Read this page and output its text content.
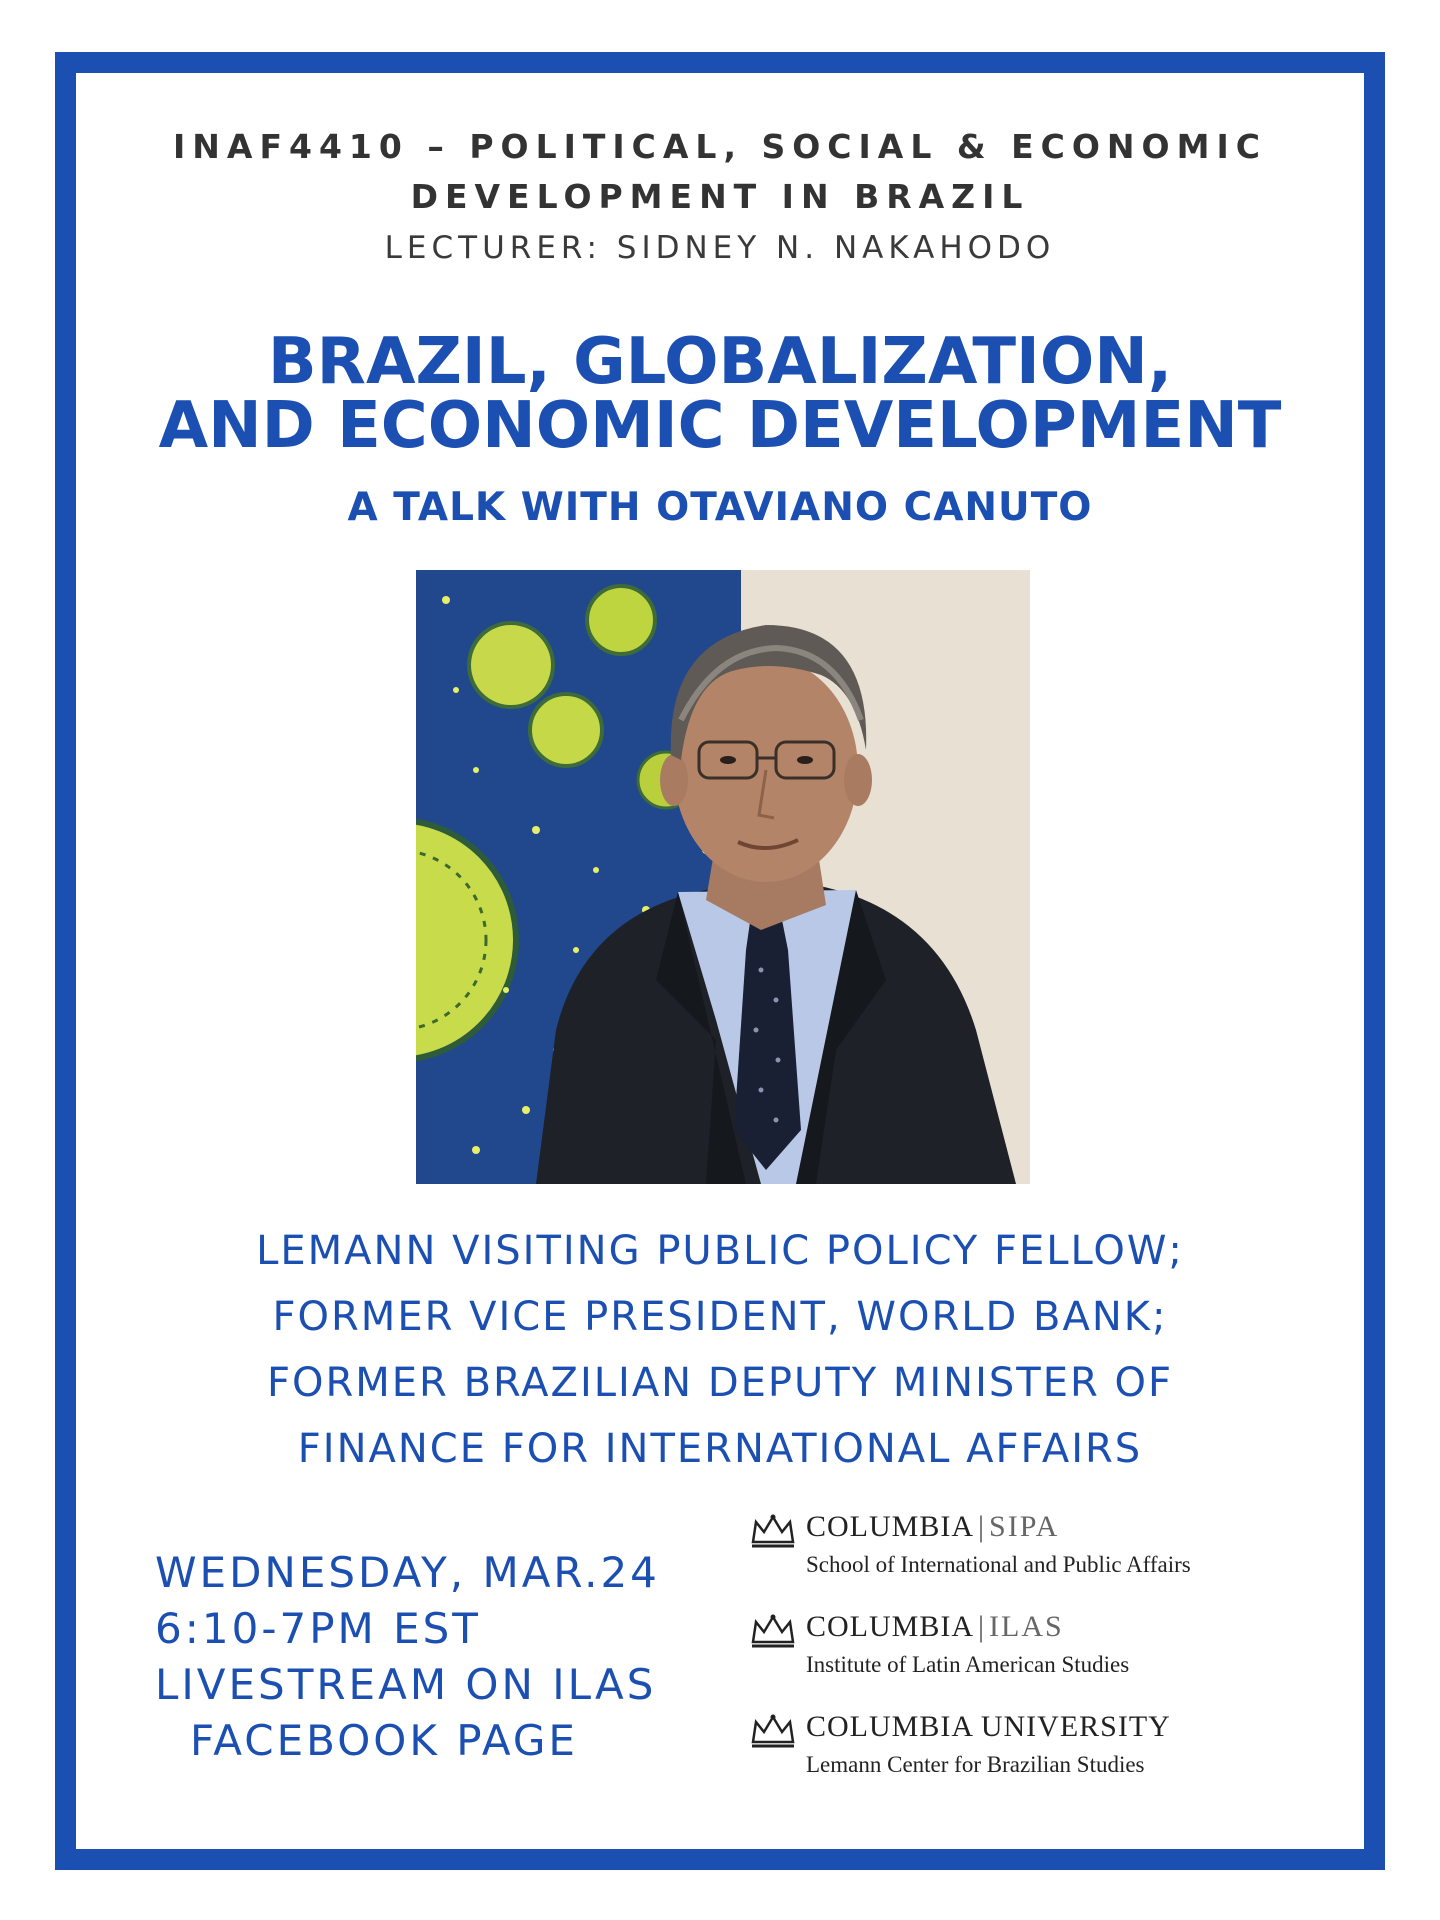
INAF4410 – POLITICAL, SOCIAL & ECONOMIC
DEVELOPMENT IN BRAZIL
LECTURER: SIDNEY N. NAKAHODO
BRAZIL, GLOBALIZATION,
AND ECONOMIC DEVELOPMENT
A TALK WITH OTAVIANO CANUTO
LEMANN VISITING PUBLIC POLICY FELLOW;
FORMER VICE PRESIDENT, WORLD BANK;
FORMER BRAZILIAN DEPUTY MINISTER OF
FINANCE FOR INTERNATIONAL AFFAIRS
WEDNESDAY, MAR.24
6:10-7PM EST
LIVESTREAM ON ILAS
FACEBOOK PAGE
COLUMBIA | SIPA
School of International and Public Affairs
COLUMBIA | ILAS
Institute of Latin American Studies
COLUMBIA UNIVERSITY
Lemann Center for Brazilian Studies
